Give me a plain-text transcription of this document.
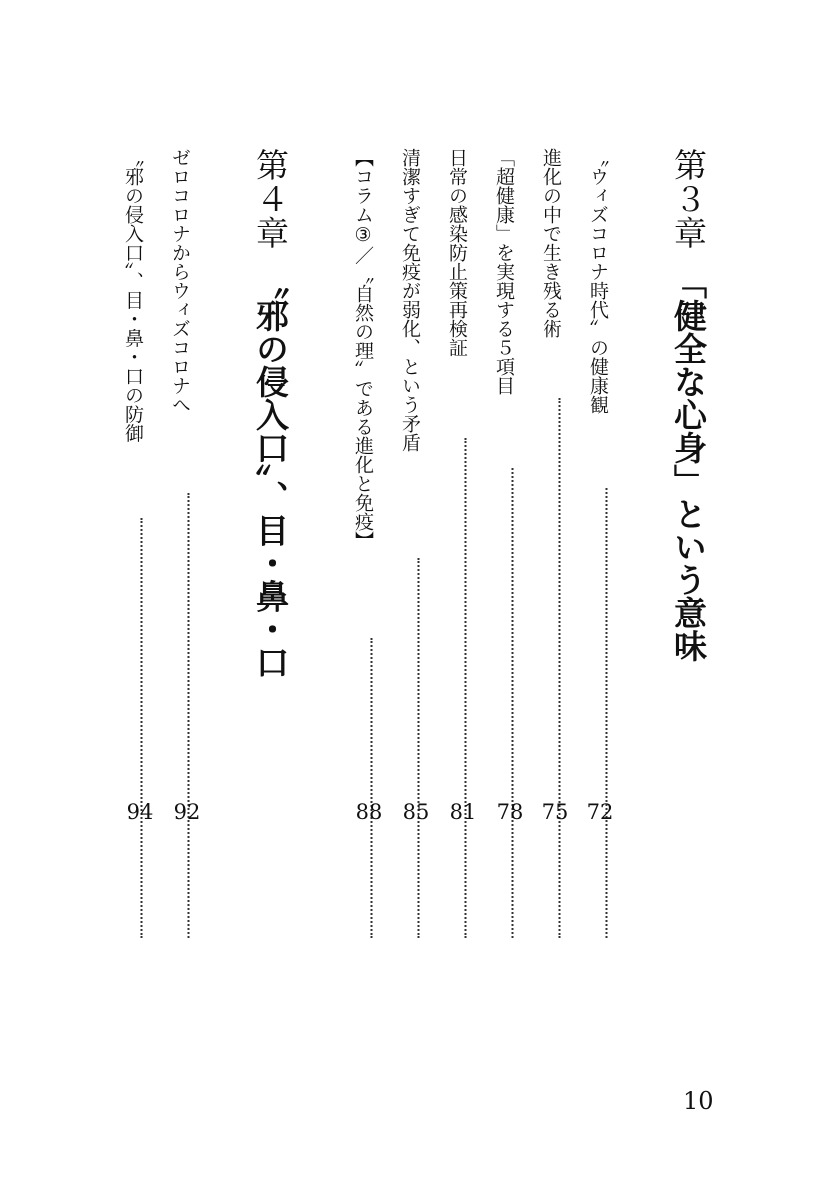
第３章
「健全な心身」という意味
〝ウィズコロナ時代〟の健康観
72
進化の中で生き残る術
75
「超健康」を実現する５項目
78
日常の感染防止策再検証
81
清潔すぎて免疫が弱化、という矛盾
85
【コラム③／〝自然の理〟である進化と免疫】
88
第４章
〝邪の侵入口〟、目・鼻・口
ゼロコロナからウィズコロナへ
92
〝邪の侵入口〟、目・鼻・口の防御
94
10
